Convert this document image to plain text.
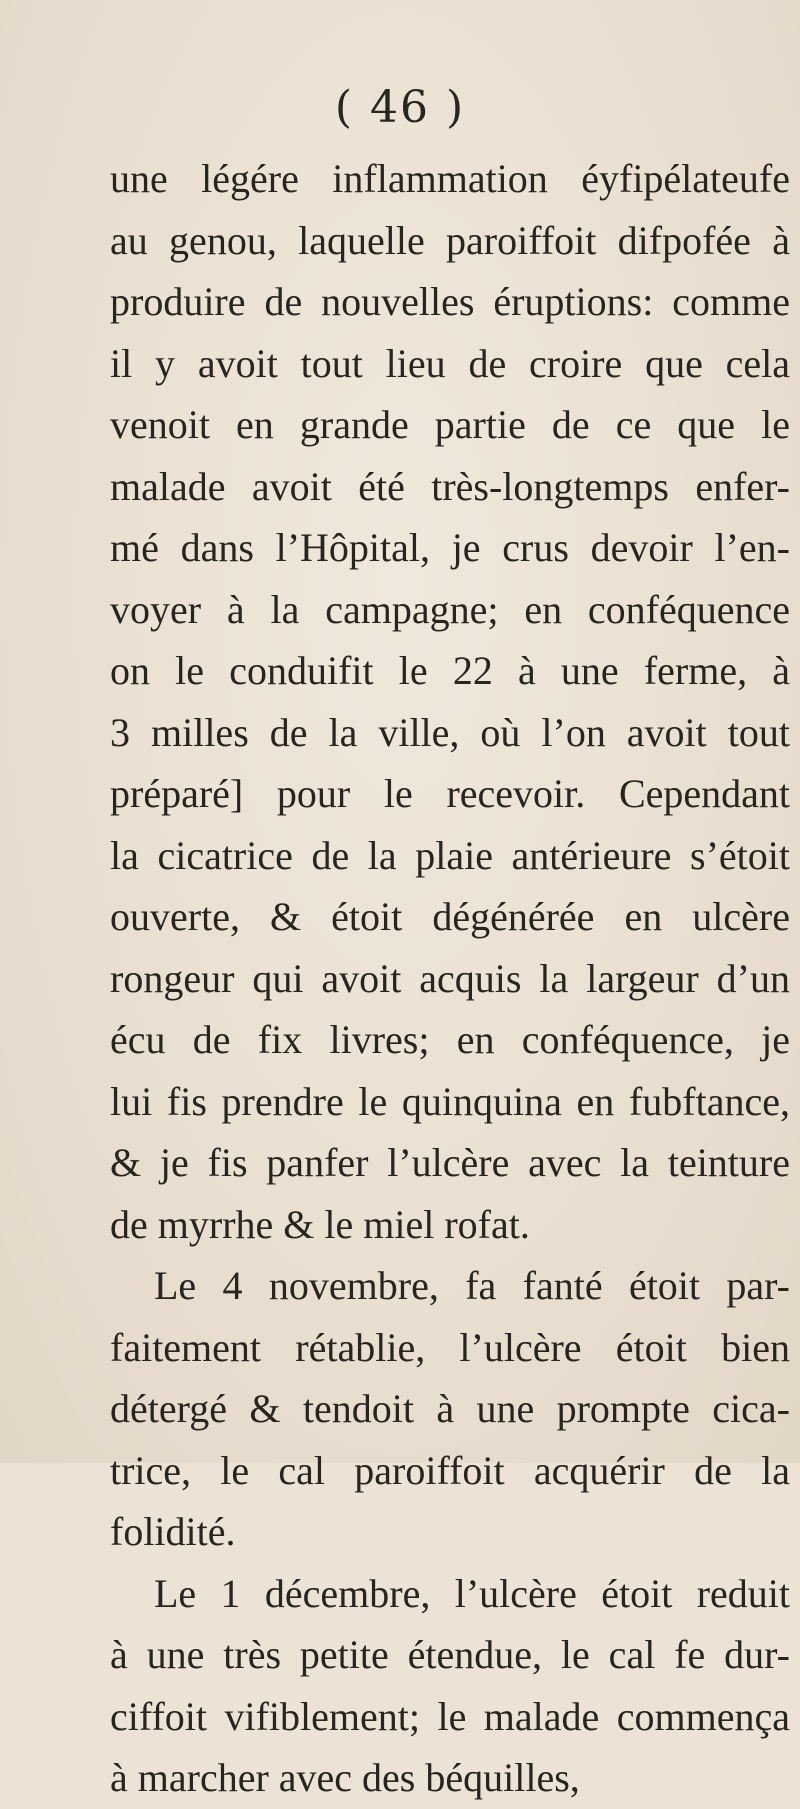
( 46 )
une légére inflammation éyfipélateufe
au genou, laquelle paroiffoit difpofée à
produire de nouvelles éruptions: comme
il y avoit tout lieu de croire que cela
venoit en grande partie de ce que le
malade avoit été très-longtemps enfer-
mé dans l’Hôpital, je crus devoir l’en-
voyer à la campagne; en conféquence
on le conduifit le 22 à une ferme, à
3 milles de la ville, où l’on avoit tout
préparé] pour le recevoir. Cependant
la cicatrice de la plaie antérieure s’étoit
ouverte, & étoit dégénérée en ulcère
rongeur qui avoit acquis la largeur d’un
écu de fix livres; en conféquence, je
lui fis prendre le quinquina en fubftance,
& je fis panfer l’ulcère avec la teinture
de myrrhe & le miel rofat.
Le 4 novembre, fa fanté étoit par-
faitement rétablie, l’ulcère étoit bien
détergé & tendoit à une prompte cica-
trice, le cal paroiffoit acquérir de la
folidité.
Le 1 décembre, l’ulcère étoit reduit
à une très petite étendue, le cal fe dur-
ciffoit vifiblement; le malade commença
à marcher avec des béquilles,
